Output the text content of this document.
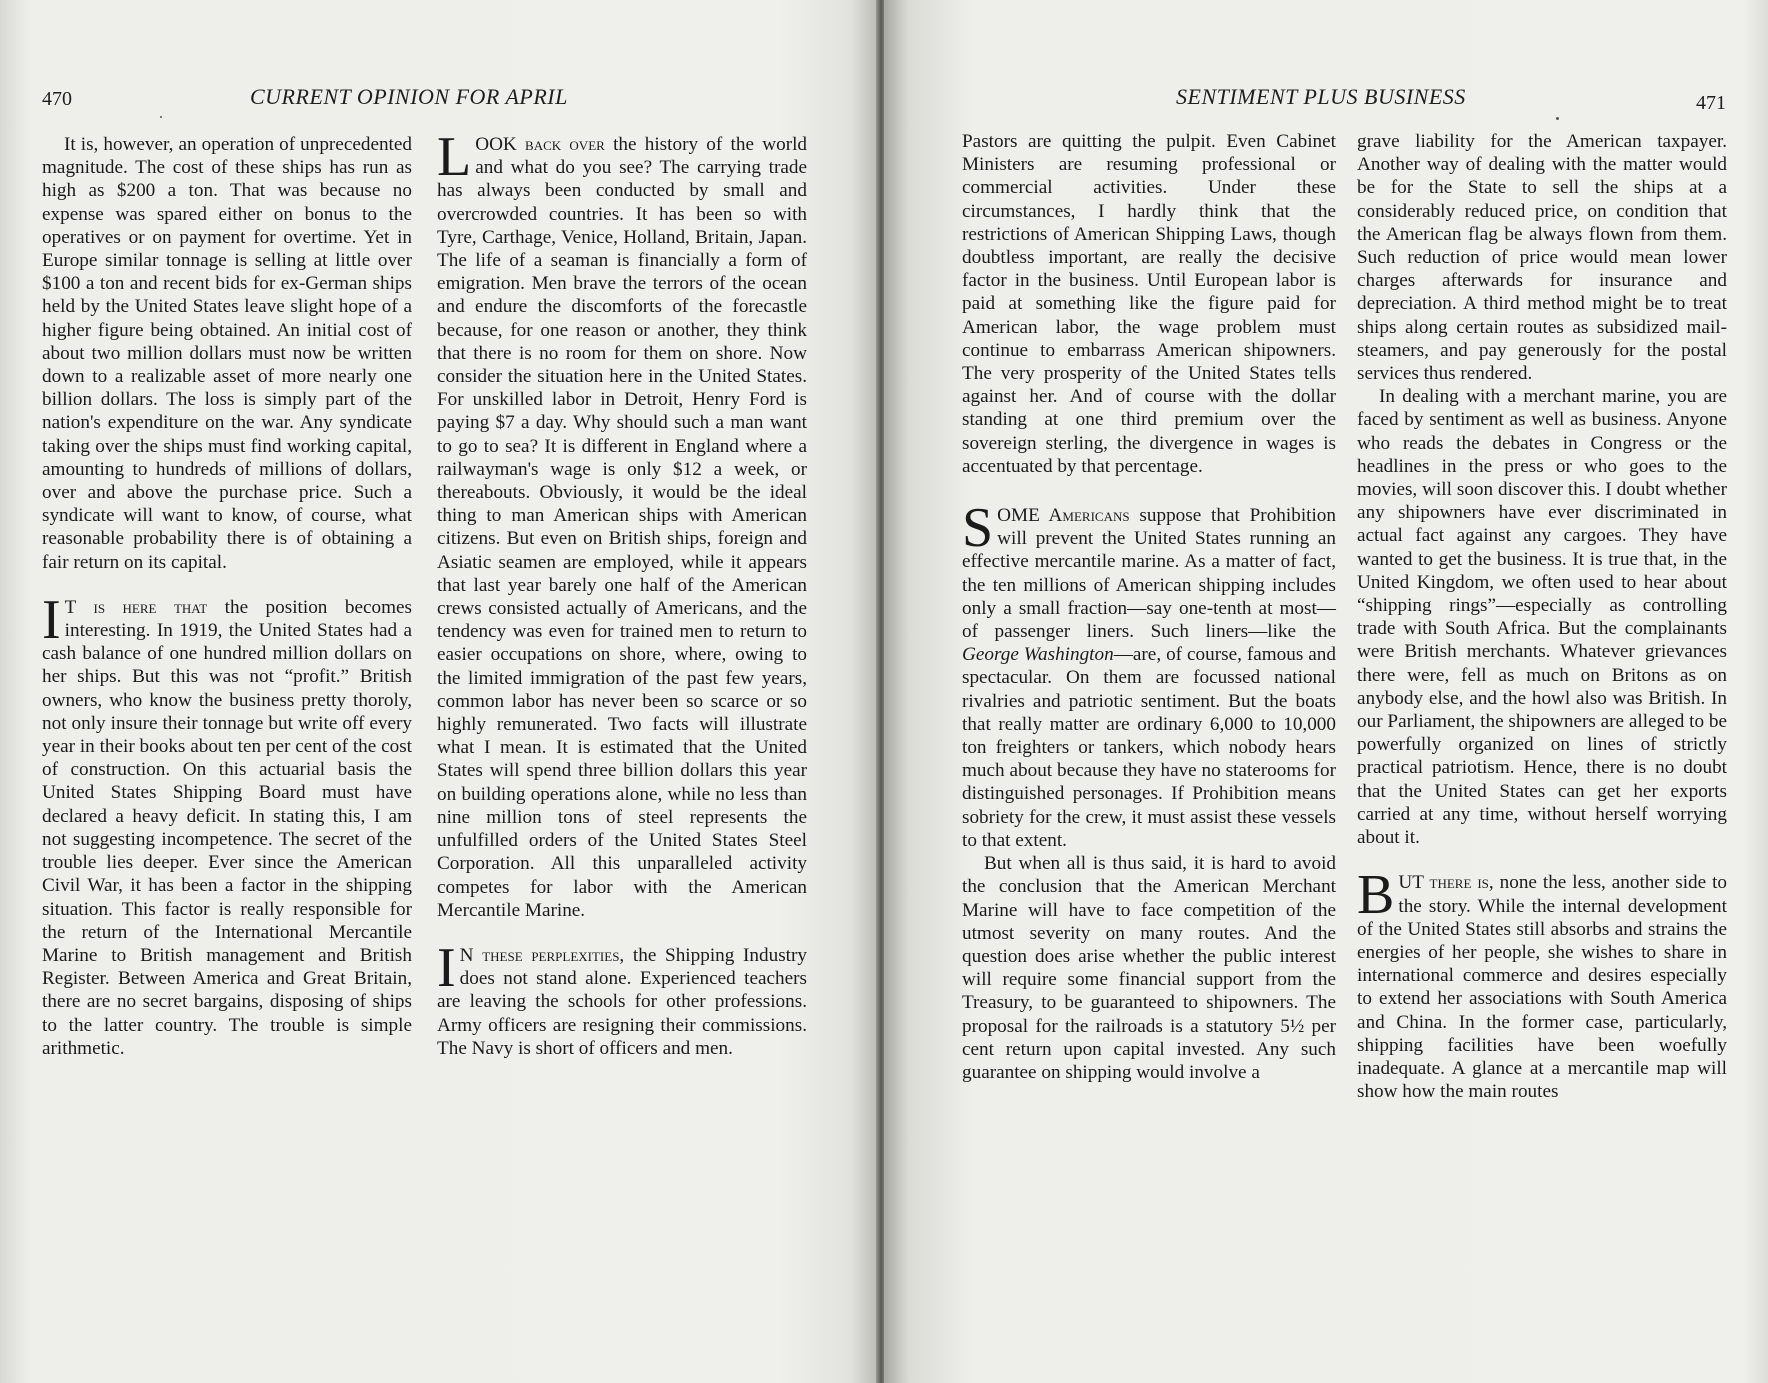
470	CURRENT OPINION FOR APRIL

It is, however, an operation of unprecedented magnitude. The cost of these ships has run as high as $200 a ton. That was because no expense was spared either on bonus to the operatives or on payment for overtime. Yet in Europe similar tonnage is selling at little over $100 a ton and recent bids for ex-German ships held by the United States leave slight hope of a higher figure being obtained. An initial cost of about two million dollars must now be written down to a realizable asset of more nearly one billion dollars. The loss is simply part of the nation's expenditure on the war. Any syndicate taking over the ships must find working capital, amounting to hundreds of millions of dollars, over and above the purchase price. Such a syndicate will want to know, of course, what reasonable probability there is of obtaining a fair return on its capital.

I T is here that the position becomes interesting. In 1919, the United States had a cash balance of one hundred million dollars on her ships. But this was not “profit.” British owners, who know the business pretty thoroly, not only insure their tonnage but write off every year in their books about ten per cent of the cost of construction. On this actuarial basis the United States Shipping Board must have declared a heavy deficit. In stating this, I am not suggesting incompetence. The secret of the trouble lies deeper. Ever since the American Civil War, it has been a factor in the shipping situation. This factor is really responsible for the return of the International Mercantile Marine to British management and British Register. Between America and Great Britain, there are no secret bargains, disposing of ships to the latter country. The trouble is simple arithmetic.

LOOK back over the history of the world and what do you see? The carrying trade has always been conducted by small and overcrowded countries. It has been so with Tyre, Carthage, Venice, Holland, Britain, Japan. The life of a seaman is financially a form of emigration. Men brave the terrors of the ocean and endure the discomforts of the forecastle because, for one reason or another, they think that there is no room for them on shore. Now consider the situation here in the United States. For unskilled labor in Detroit, Henry Ford is paying $7 a day. Why should such a man want to go to sea? It is different in England where a railwayman's wage is only $12 a week, or thereabouts. Obviously, it would be the ideal thing to man American ships with American citizens. But even on British ships, foreign and Asiatic seamen are employed, while it appears that last year barely one half of the American crews consisted actually of Americans, and the tendency was even for trained men to return to easier occupations on shore, where, owing to the limited immigration of the past few years, common labor has never been so scarce or so highly remunerated. Two facts will illustrate what I mean. It is estimated that the United States will spend three billion dollars this year on building operations alone, while no less than nine million tons of steel represents the unfulfilled orders of the United States Steel Corporation. All this unparalleled activity competes for labor with the American Mercantile Marine.

I N these perplexities, the Shipping Industry does not stand alone. Experienced teachers are leaving the schools for other professions. Army officers are resigning their commissions. The Navy is short of officers and men.

SENTIMENT PLUS BUSINESS	471

Pastors are quitting the pulpit. Even Cabinet Ministers are resuming professional or commercial activities. Under these circumstances, I hardly think that the restrictions of American Shipping Laws, though doubtless important, are really the decisive factor in the business. Until European labor is paid at something like the figure paid for American labor, the wage problem must continue to embarrass American shipowners. The very prosperity of the United States tells against her. And of course with the dollar standing at one third premium over the sovereign sterling, the divergence in wages is accentuated by that percentage.

SOME Americans suppose that Prohibition will prevent the United States running an effective mercantile marine. As a matter of fact, the ten millions of American shipping includes only a small fraction—say one-tenth at most—of passenger liners. Such liners—like the George Washington—are, of course, famous and spectacular. On them are focussed national rivalries and patriotic sentiment. But the boats that really matter are ordinary 6,000 to 10,000 ton freighters or tankers, which nobody hears much about because they have no staterooms for distinguished personages. If Prohibition means sobriety for the crew, it must assist these vessels to that extent.

But when all is thus said, it is hard to avoid the conclusion that the American Merchant Marine will have to face competition of the utmost severity on many routes. And the question does arise whether the public interest will require some financial support from the Treasury, to be guaranteed to shipowners. The proposal for the railroads is a statutory 5½ per cent return upon capital invested. Any such guarantee on shipping would involve a

grave liability for the American taxpayer. Another way of dealing with the matter would be for the State to sell the ships at a considerably reduced price, on condition that the American flag be always flown from them. Such reduction of price would mean lower charges afterwards for insurance and depreciation. A third method might be to treat ships along certain routes as subsidized mail-steamers, and pay generously for the postal services thus rendered.

In dealing with a merchant marine, you are faced by sentiment as well as business. Anyone who reads the debates in Congress or the headlines in the press or who goes to the movies, will soon discover this. I doubt whether any shipowners have ever discriminated in actual fact against any cargoes. They have wanted to get the business. It is true that, in the United Kingdom, we often used to hear about “shipping rings”—especially as controlling trade with South Africa. But the complainants were British merchants. Whatever grievances there were, fell as much on Britons as on anybody else, and the howl also was British. In our Parliament, the shipowners are alleged to be powerfully organized on lines of strictly practical patriotism. Hence, there is no doubt that the United States can get her exports carried at any time, without herself worrying about it.

BUT there is, none the less, another side to the story. While the internal development of the United States still absorbs and strains the energies of her people, she wishes to share in international commerce and desires especially to extend her associations with South America and China. In the former case, particularly, shipping facilities have been woefully inadequate. A glance at a mercantile map will show how the main routes
